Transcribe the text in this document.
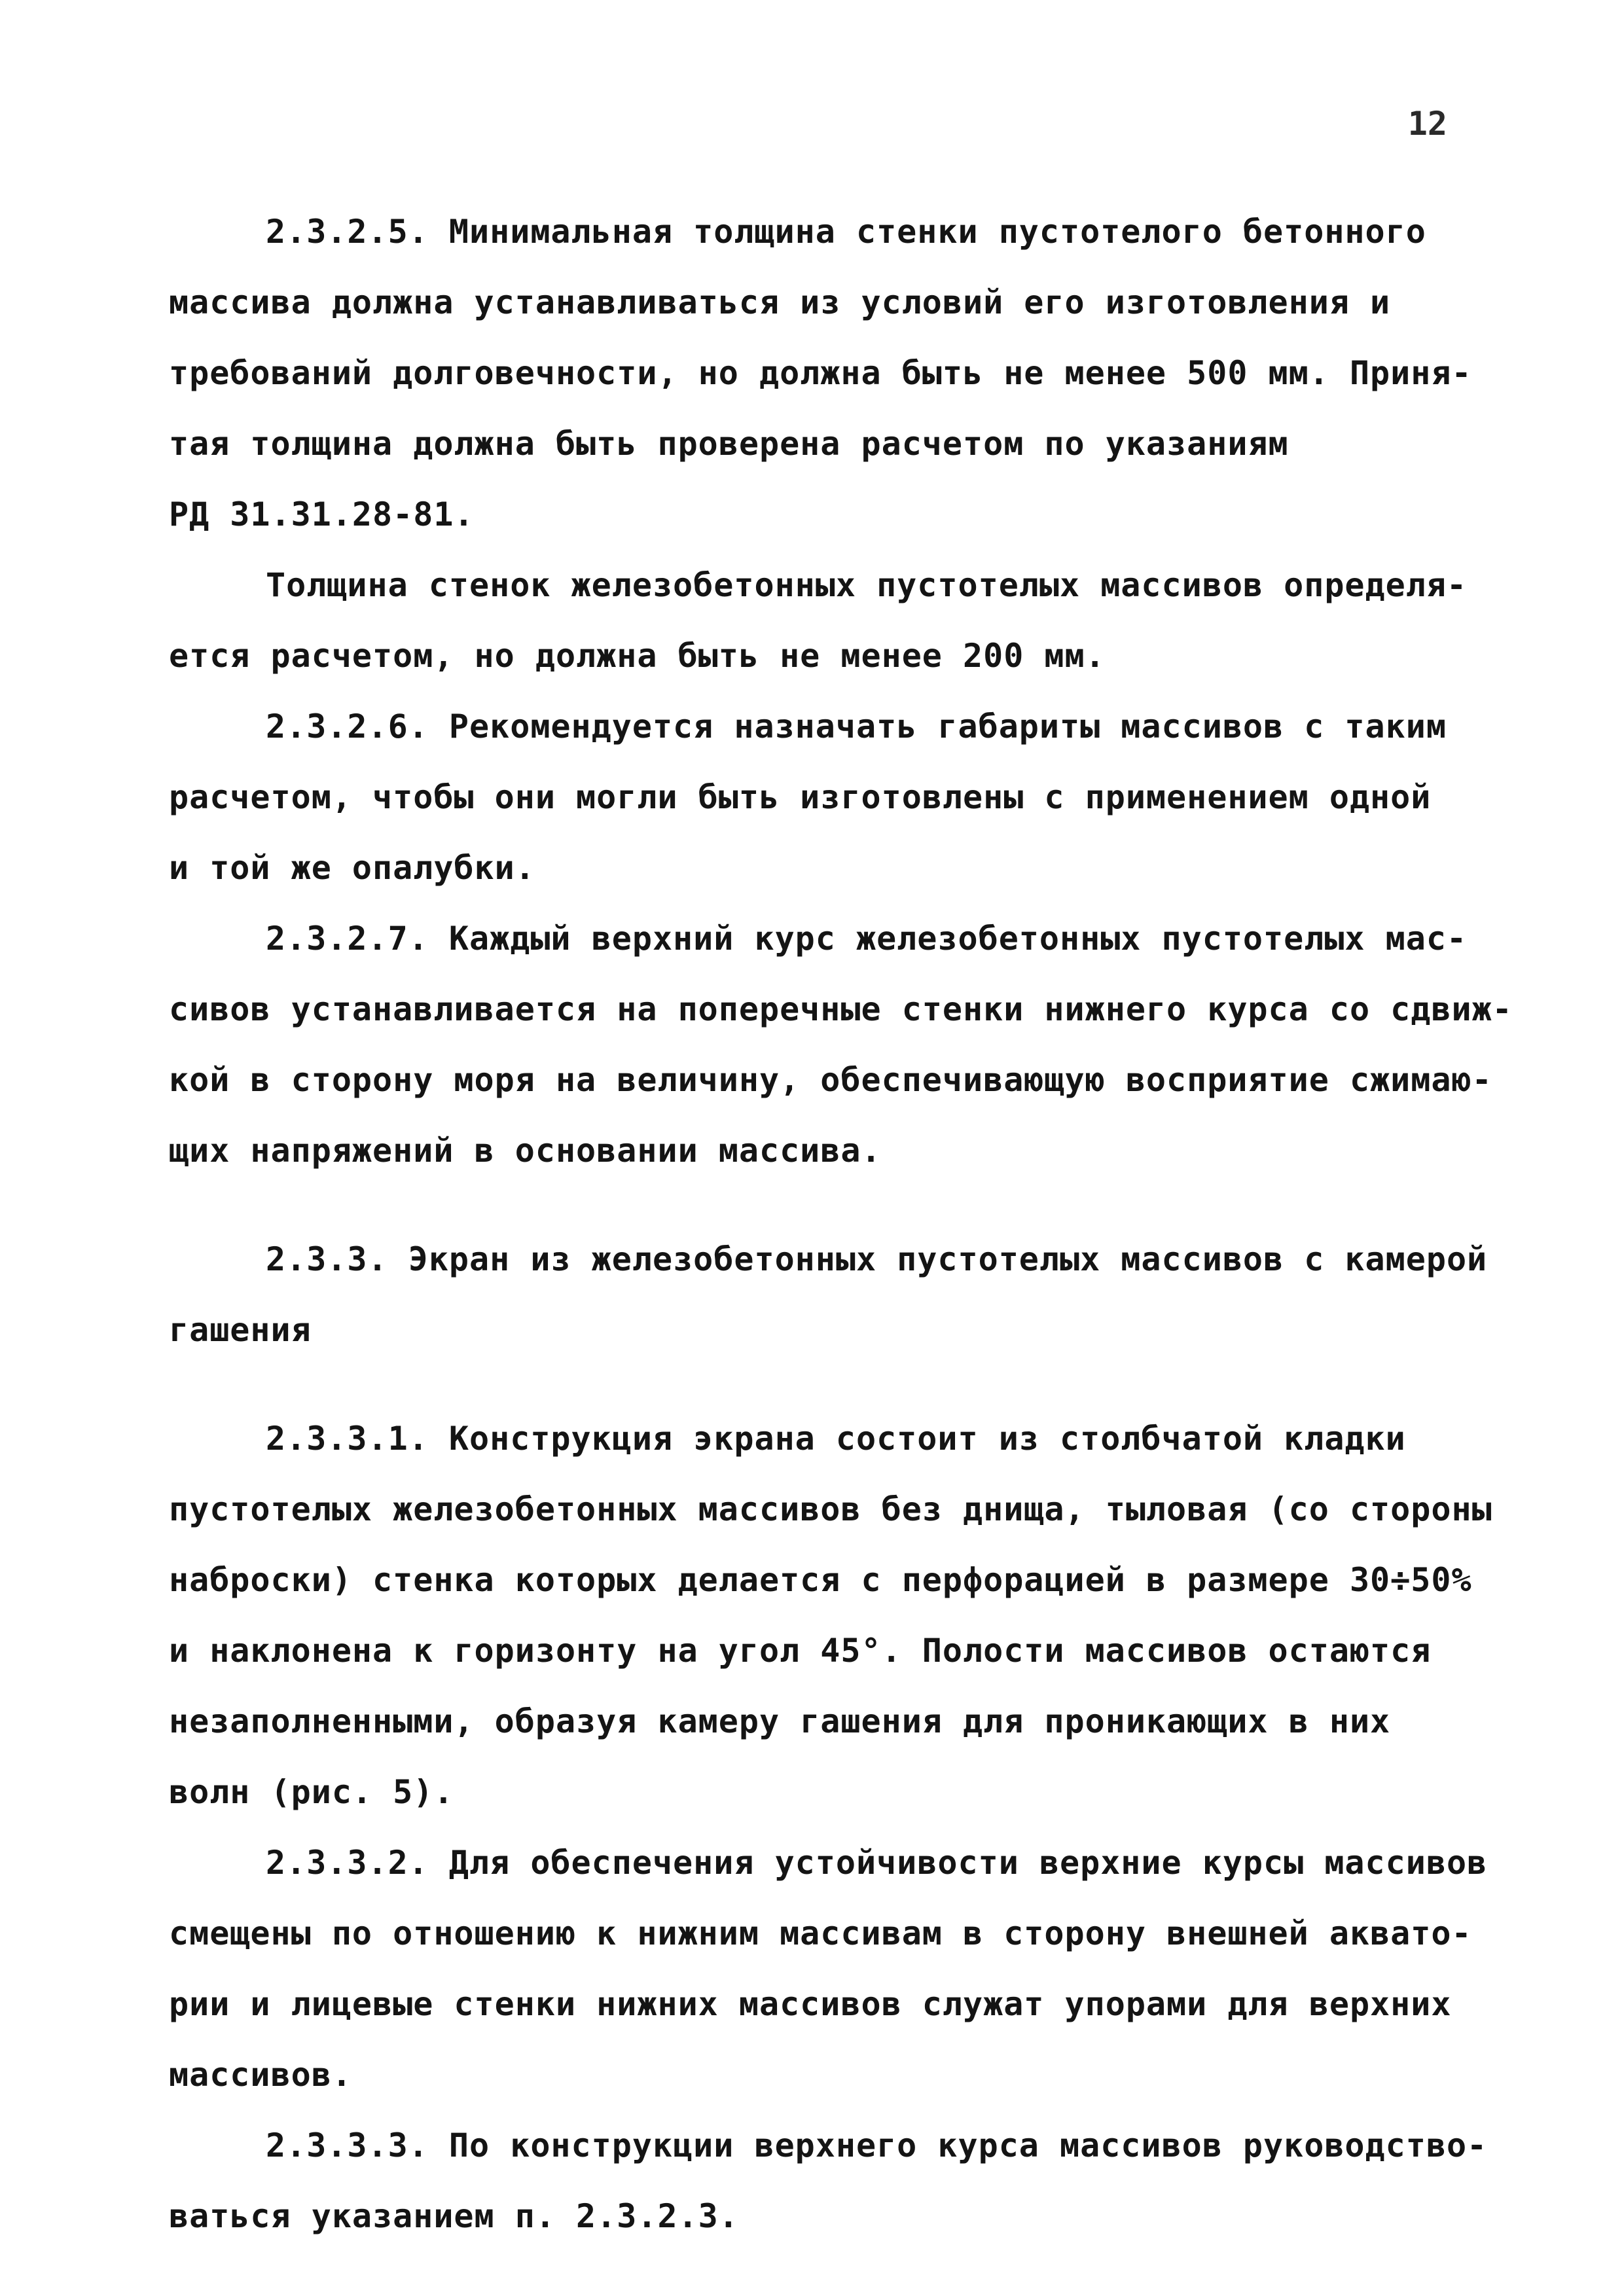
12
2.3.2.5. Минимальная толщина стенки пустотелого бетонного
массива должна устанавливаться из условий его изготовления и
требований долговечности, но должна быть не менее 500 мм. Приня-
тая толщина должна быть проверена расчетом по указаниям
РД 31.31.28-81.
Толщина стенок железобетонных пустотелых массивов определя-
ется расчетом, но должна быть не менее 200 мм.
2.3.2.6. Рекомендуется назначать габариты массивов с таким
расчетом, чтобы они могли быть изготовлены с применением одной
и той же опалубки.
2.3.2.7. Каждый верхний курс железобетонных пустотелых мас-
сивов устанавливается на поперечные стенки нижнего курса со сдвиж-
кой в сторону моря на величину, обеспечивающую восприятие сжимаю-
щих напряжений в основании массива.
2.3.3. Экран из железобетонных пустотелых массивов с камерой
гашения
2.3.3.1. Конструкция экрана состоит из столбчатой кладки
пустотелых железобетонных массивов без днища, тыловая (со стороны
наброски) стенка которых делается с перфорацией в размере 30÷50%
и наклонена к горизонту на угол 45°. Полости массивов остаются
незаполненными, образуя камеру гашения для проникающих в них
волн (рис. 5).
2.3.3.2. Для обеспечения устойчивости верхние курсы массивов
смещены по отношению к нижним массивам в сторону внешней аквато-
рии и лицевые стенки нижних массивов служат упорами для верхних
массивов.
2.3.3.3. По конструкции верхнего курса массивов руководство-
ваться указанием п. 2.3.2.3.
